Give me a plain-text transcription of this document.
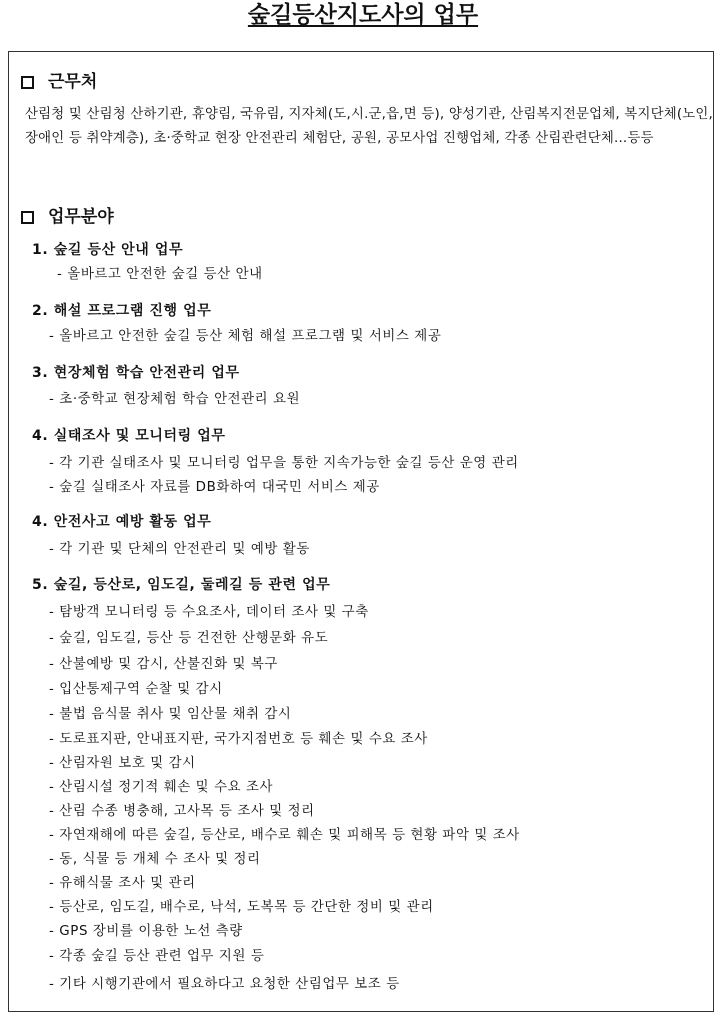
숲길등산지도사의 업무
근무처
산림청 및 산림청 산하기관, 휴양림, 국유림, 지자체(도,시.군,읍,면 등), 양성기관, 산림복지전문업체, 복지단체(노인, 장애인 등 취약계층), 초·중학교 현장 안전관리 체험단, 공원, 공모사업 진행업체, 각종 산림관련단체...등등
업무분야
1. 숲길 등산 안내 업무
- 올바르고 안전한 숲길 등산 안내
2. 해설 프로그램 진행 업무
- 올바르고 안전한 숲길 등산 체험 해설 프로그램 및 서비스 제공
3. 현장체험 학습 안전관리 업무
- 초·중학교 현장체험 학습 안전관리 요원
4. 실태조사 및 모니터링 업무
- 각 기관 실태조사 및 모니터링 업무을 통한 지속가능한 숲길 등산 운영 관리
- 숲길 실태조사 자료를 DB화하여 대국민 서비스 제공
4. 안전사고 예방 활동 업무
- 각 기관 및 단체의 안전관리 및 예방 활동
5. 숲길, 등산로, 임도길, 둘레길 등 관련 업무
- 탐방객 모니터링 등 수요조사, 데이터 조사 및 구축
- 숲길, 임도길, 등산 등 건전한 산행문화 유도
- 산불예방 및 감시, 산불진화 및 복구
- 입산통제구역 순찰 및 감시
- 불법 음식물 취사 및 임산물 채취 감시
- 도로표지판, 안내표지판, 국가지점번호 등 훼손 및 수요 조사
- 산림자원 보호 및 감시
- 산림시설 정기적 훼손 및 수요 조사
- 산림 수종 병충해, 고사목 등 조사 및 정리
- 자연재해에 따른 숲길, 등산로, 배수로 훼손 및 피해목 등 현황 파악 및 조사
- 동, 식물 등 개체 수 조사 및 정리
- 유해식물 조사 및 관리
- 등산로, 임도길, 배수로, 낙석, 도복목 등 간단한 정비 및 관리
- GPS 장비를 이용한 노선 측량
- 각종 숲길 등산 관련 업무 지원 등
- 기타 시행기관에서 필요하다고 요청한 산림업무 보조 등
